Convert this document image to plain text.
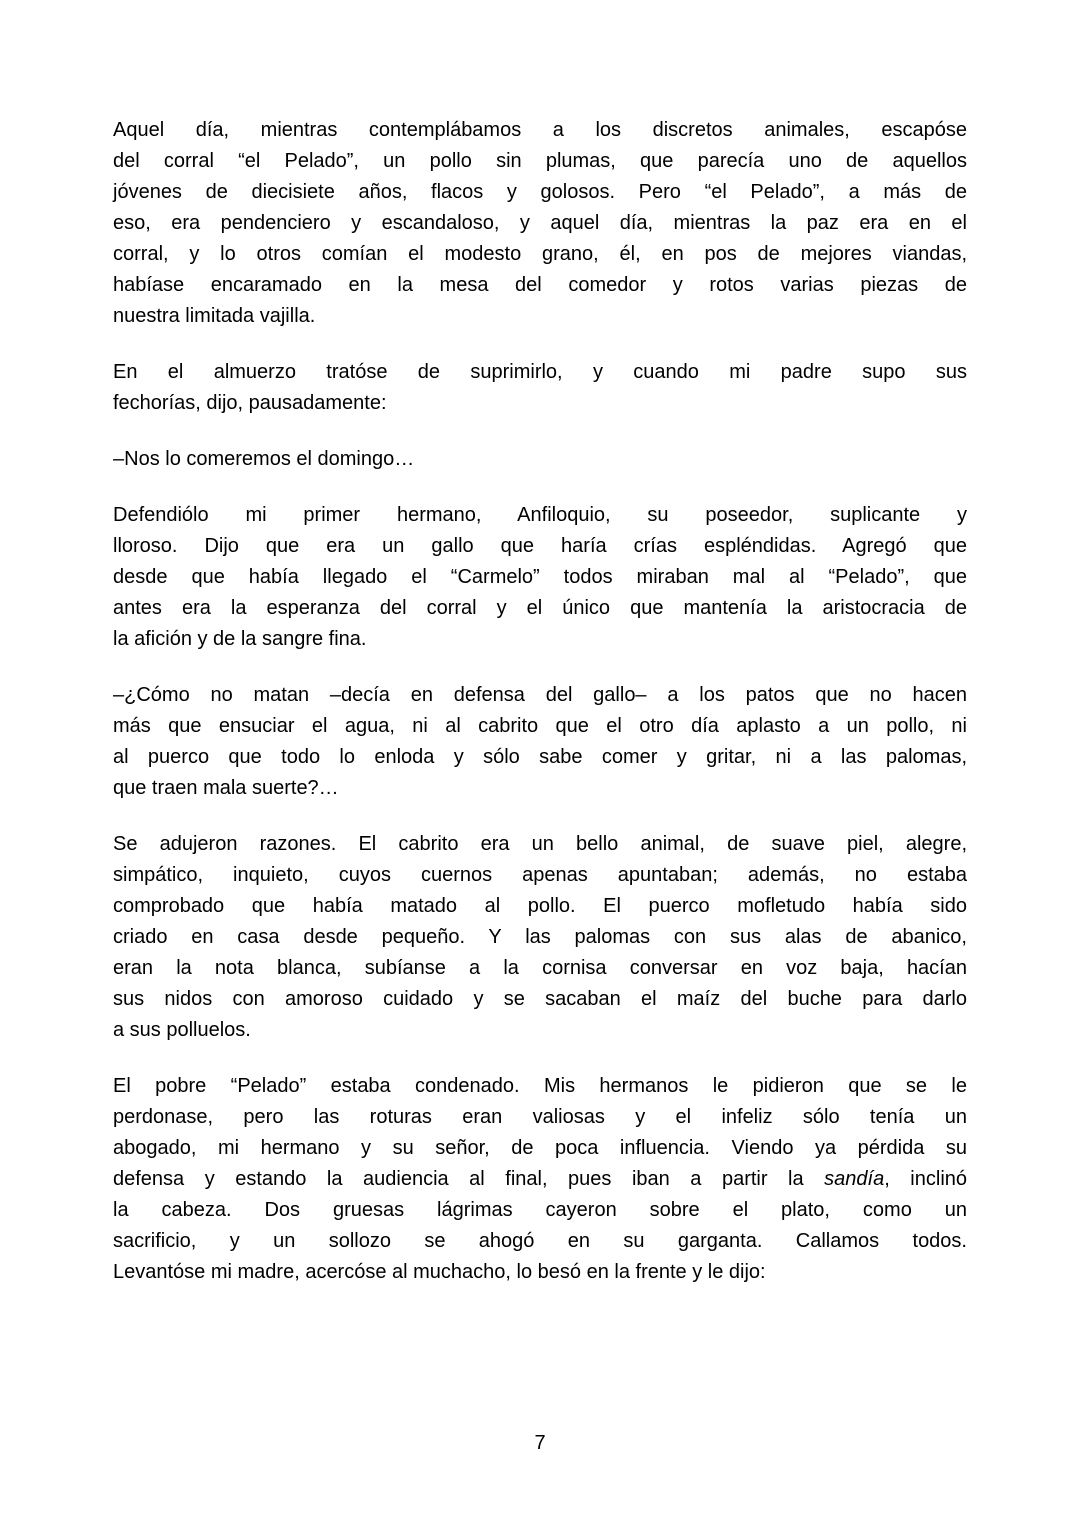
Aquel día, mientras contemplábamos a los discretos animales, escapóse
del corral “el Pelado”, un pollo sin plumas, que parecía uno de aquellos
jóvenes de diecisiete años, flacos y golosos. Pero “el Pelado”, a más de
eso, era pendenciero y escandaloso, y aquel día, mientras la paz era en el
corral, y lo otros comían el modesto grano, él, en pos de mejores viandas,
habíase encaramado en la mesa del comedor y rotos varias piezas de
nuestra limitada vajilla.

En el almuerzo tratóse de suprimirlo, y cuando mi padre supo sus
fechorías, dijo, pausadamente:

–Nos lo comeremos el domingo…

Defendiólo mi primer hermano, Anfiloquio, su poseedor, suplicante y
lloroso. Dijo que era un gallo que haría crías espléndidas. Agregó que
desde que había llegado el “Carmelo” todos miraban mal al “Pelado”, que
antes era la esperanza del corral y el único que mantenía la aristocracia de
la afición y de la sangre fina.

–¿Cómo no matan –decía en defensa del gallo– a los patos que no hacen
más que ensuciar el agua, ni al cabrito que el otro día aplasto a un pollo, ni
al puerco que todo lo enloda y sólo sabe comer y gritar, ni a las palomas,
que traen mala suerte?…

Se adujeron razones. El cabrito era un bello animal, de suave piel, alegre,
simpático, inquieto, cuyos cuernos apenas apuntaban; además, no estaba
comprobado que había matado al pollo. El puerco mofletudo había sido
criado en casa desde pequeño. Y las palomas con sus alas de abanico,
eran la nota blanca, subíanse a la cornisa conversar en voz baja, hacían
sus nidos con amoroso cuidado y se sacaban el maíz del buche para darlo
a sus polluelos.

El pobre “Pelado” estaba condenado. Mis hermanos le pidieron que se le
perdonase, pero las roturas eran valiosas y el infeliz sólo tenía un
abogado, mi hermano y su señor, de poca influencia. Viendo ya pérdida su
defensa y estando la audiencia al final, pues iban a partir la sandía, inclinó
la cabeza. Dos gruesas lágrimas cayeron sobre el plato, como un
sacrificio, y un sollozo se ahogó en su garganta. Callamos todos.
Levantóse mi madre, acercóse al muchacho, lo besó en la frente y le dijo:

7
